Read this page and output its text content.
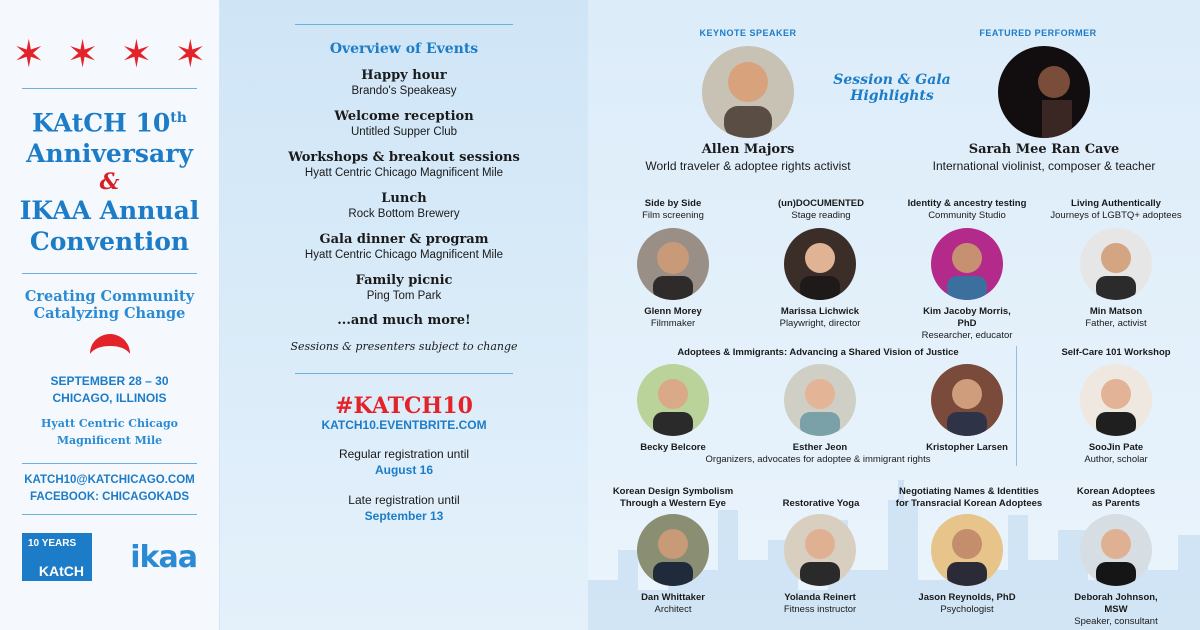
✶ ✶ ✶ ✶
KAtCH 10th
Anniversary
&
IKAA Annual
Convention
Creating Community
Catalyzing Change
SEPTEMBER 28 – 30
CHICAGO, ILLINOIS
Hyatt Centric Chicago
Magnificent Mile
KATCH10@KATCHICAGO.COM
FACEBOOK: CHICAGOKADS
10 YEARS
KAtCH ikaa
Overview of Events
Happy hour
Brando's Speakeasy
Welcome reception
Untitled Supper Club
Workshops & breakout sessions
Hyatt Centric Chicago Magnificent Mile
Lunch
Rock Bottom Brewery
Gala dinner & program
Hyatt Centric Chicago Magnificent Mile
Family picnic
Ping Tom Park
...and much more!
Sessions & presenters subject to change
#KATCH10
KATCH10.EVENTBRITE.COM
Regular registration until
August 16
Late registration until
September 13
KEYNOTE SPEAKER	FEATURED PERFORMER
Session & Gala Highlights
Allen Majors
World traveler & adoptee rights activist
Sarah Mee Ran Cave
International violinist, composer & teacher
Side by Side
Film screening
(un)DOCUMENTED
Stage reading
Identity & ancestry testing
Community Studio
Living Authentically
Journeys of LGBTQ+ adoptees
Glenn Morey
Filmmaker
Marissa Lichwick
Playwright, director
Kim Jacoby Morris, PhD
Researcher, educator
Min Matson
Father, activist
Adoptees & Immigrants: Advancing a Shared Vision of Justice	Self-Care 101 Workshop
Becky Belcore	Esther Jeon	Kristopher Larsen	SooJin Pate
Author, scholar
Organizers, advocates for adoptee & immigrant rights
Korean Design Symbolism
Through a Western Eye	Restorative Yoga
Negotiating Names & Identities
for Transracial Korean Adoptees
Korean Adoptees
as Parents
Dan Whittaker
Architect
Yolanda Reinert
Fitness instructor
Jason Reynolds, PhD
Psychologist
Deborah Johnson, MSW
Speaker, consultant
